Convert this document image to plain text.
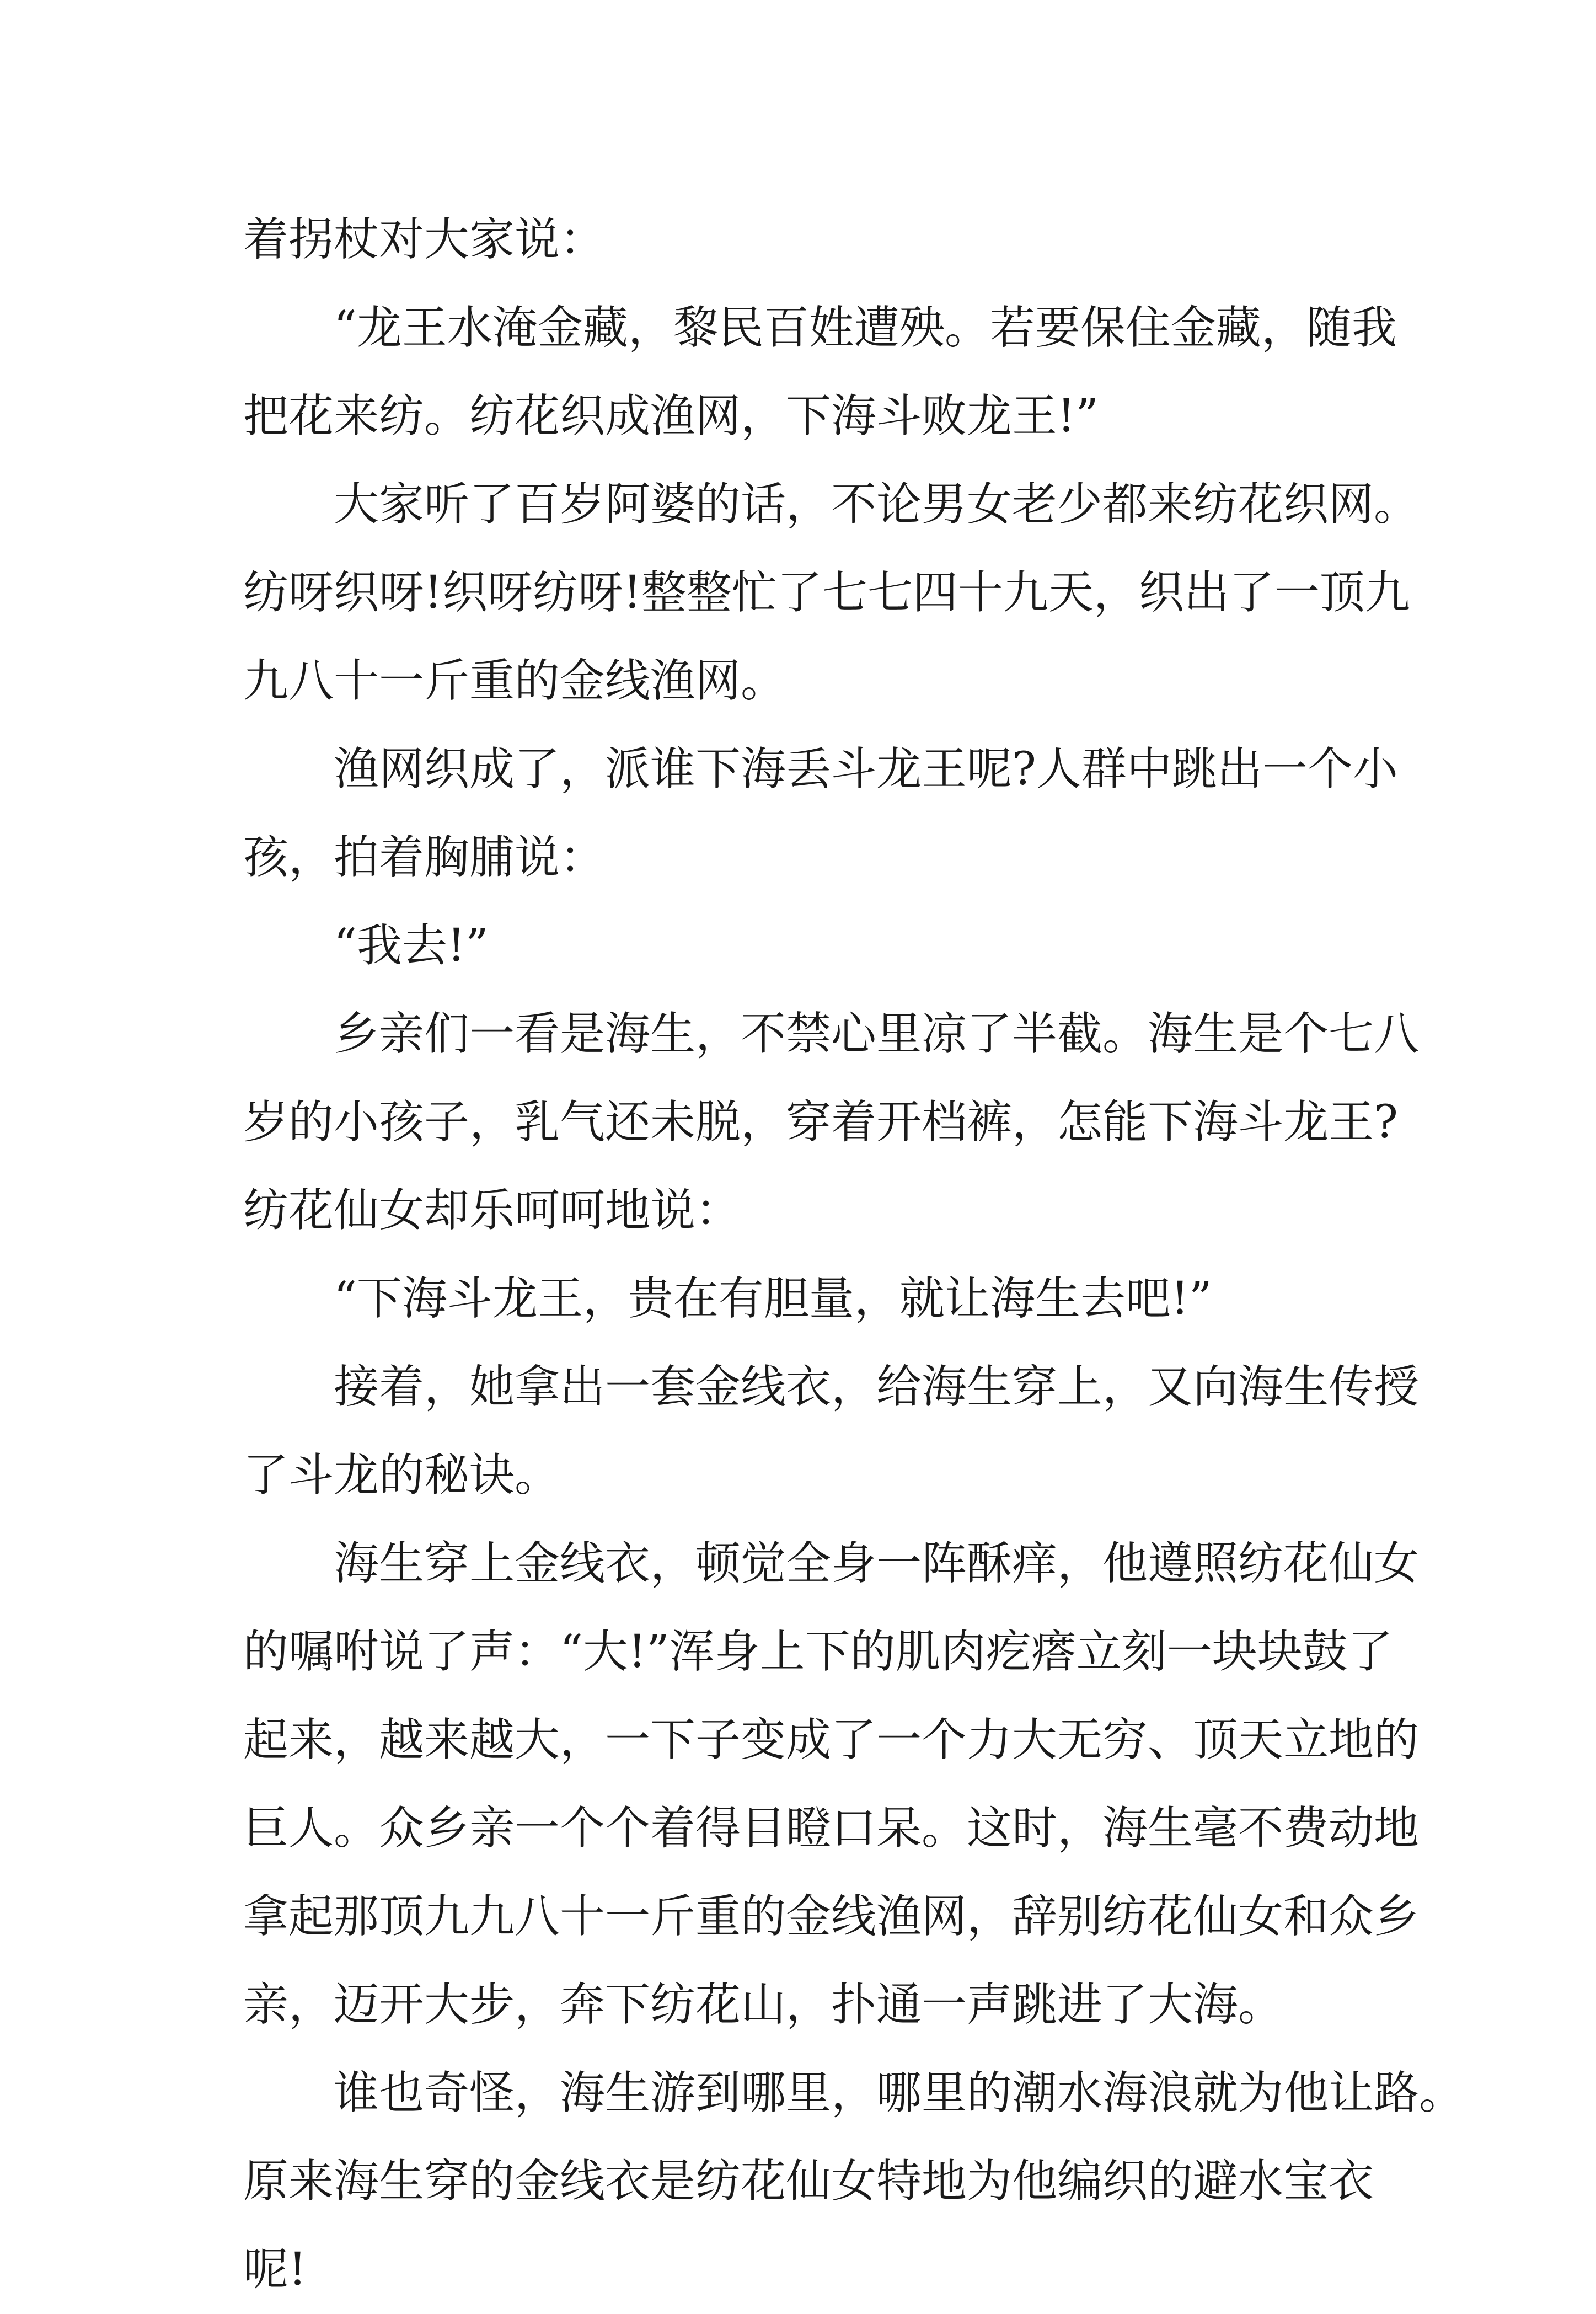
着拐杖对大家说：
“龙王水淹金藏，黎民百姓遭殃。若要保住金藏，随我
把花来纺。纺花织成渔网，下海斗败龙王!”
大家听了百岁阿婆的话，不论男女老少都来纺花织网。
纺呀织呀!织呀纺呀!整整忙了七七四十九天，织出了一顶九
九八十一斤重的金线渔网。
渔网织成了，派谁下海丢斗龙王呢?人群中跳出一个小
孩，拍着胸脯说：
“我去!”
乡亲们一看是海生，不禁心里凉了半截。海生是个七八
岁的小孩子，乳气还未脱，穿着开档裤，怎能下海斗龙王?
纺花仙女却乐呵呵地说：
“下海斗龙王，贵在有胆量，就让海生去吧!”
接着，她拿出一套金线衣，给海生穿上，又向海生传授
了斗龙的秘诀。
海生穿上金线衣，顿觉全身一阵酥痒，他遵照纺花仙女
的嘱咐说了声：“大!”浑身上下的肌肉疙瘩立刻一块块鼓了
起来，越来越大，一下子变成了一个力大无穷、顶天立地的
巨人。众乡亲一个个着得目瞪口呆。这时，海生毫不费动地
拿起那顶九九八十一斤重的金线渔网，辞别纺花仙女和众乡
亲，迈开大步，奔下纺花山，扑通一声跳进了大海。
谁也奇怪，海生游到哪里，哪里的潮水海浪就为他让路。
原来海生穿的金线衣是纺花仙女特地为他编织的避水宝衣
呢!
